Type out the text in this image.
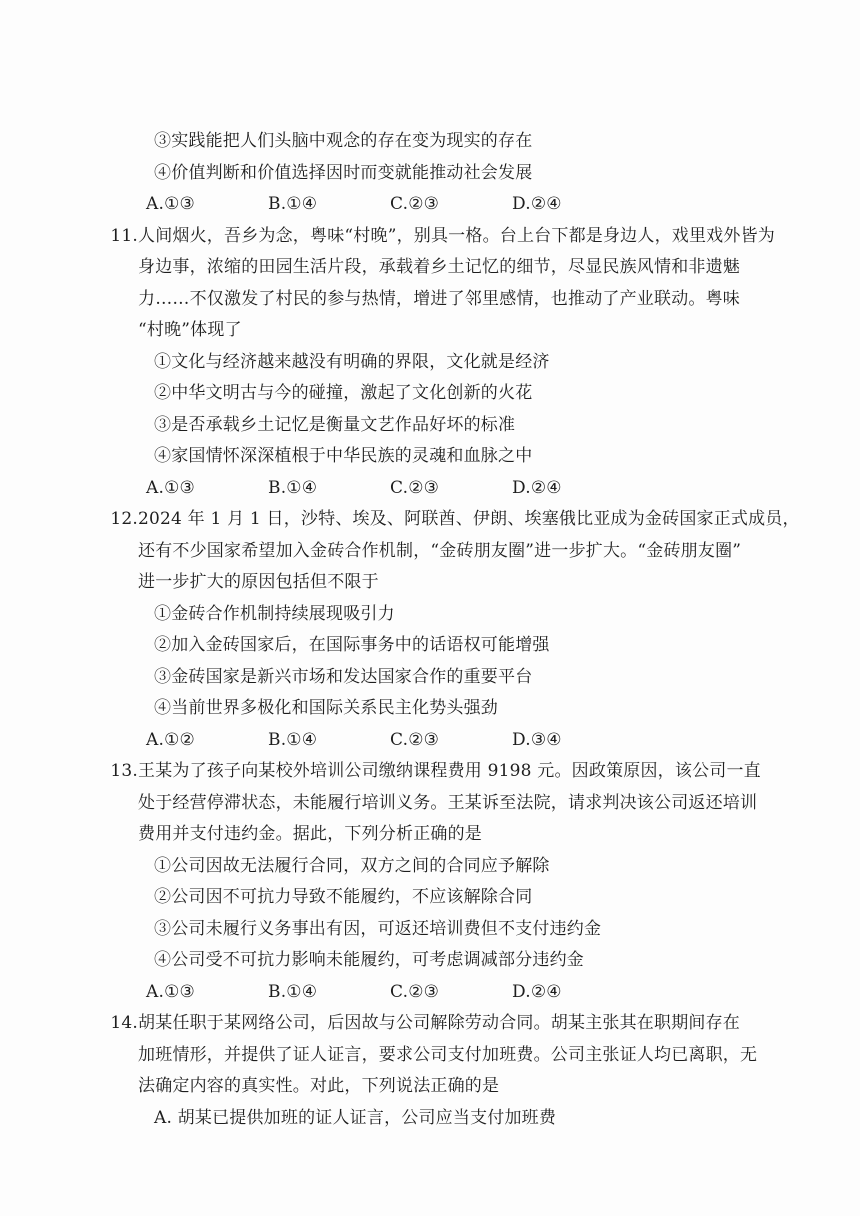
③实践能把人们头脑中观念的存在变为现实的存在
④价值判断和价值选择因时而变就能推动社会发展
A.①③	B.①④	C.②③	D.②④
11. 人间烟火，吾乡为念，粤味“村晚”，别具一格。台上台下都是身边人，戏里戏外皆为
身边事，浓缩的田园生活片段，承载着乡土记忆的细节，尽显民族风情和非遗魅
力……不仅激发了村民的参与热情，增进了邻里感情，也推动了产业联动。粤味
“村晚”体现了
①文化与经济越来越没有明确的界限，文化就是经济
②中华文明古与今的碰撞，激起了文化创新的火花
③是否承载乡土记忆是衡量文艺作品好坏的标准
④家国情怀深深植根于中华民族的灵魂和血脉之中
A.①③	B.①④	C.②③	D.②④
12. 2024 年 1 月 1 日，沙特、埃及、阿联酋、伊朗、埃塞俄比亚成为金砖国家正式成员，
还有不少国家希望加入金砖合作机制，“金砖朋友圈”进一步扩大。“金砖朋友圈”
进一步扩大的原因包括但不限于
①金砖合作机制持续展现吸引力
②加入金砖国家后，在国际事务中的话语权可能增强
③金砖国家是新兴市场和发达国家合作的重要平台
④当前世界多极化和国际关系民主化势头强劲
A.①②	B.①④	C.②③	D.③④
13. 王某为了孩子向某校外培训公司缴纳课程费用 9198 元。因政策原因，该公司一直
处于经营停滞状态，未能履行培训义务。王某诉至法院，请求判决该公司返还培训
费用并支付违约金。据此，下列分析正确的是
①公司因故无法履行合同，双方之间的合同应予解除
②公司因不可抗力导致不能履约，不应该解除合同
③公司未履行义务事出有因，可返还培训费但不支付违约金
④公司受不可抗力影响未能履约，可考虑调减部分违约金
A.①③	B.①④	C.②③	D.②④
14. 胡某任职于某网络公司，后因故与公司解除劳动合同。胡某主张其在职期间存在
加班情形，并提供了证人证言，要求公司支付加班费。公司主张证人均已离职，无
法确定内容的真实性。对此，下列说法正确的是
A. 胡某已提供加班的证人证言，公司应当支付加班费
